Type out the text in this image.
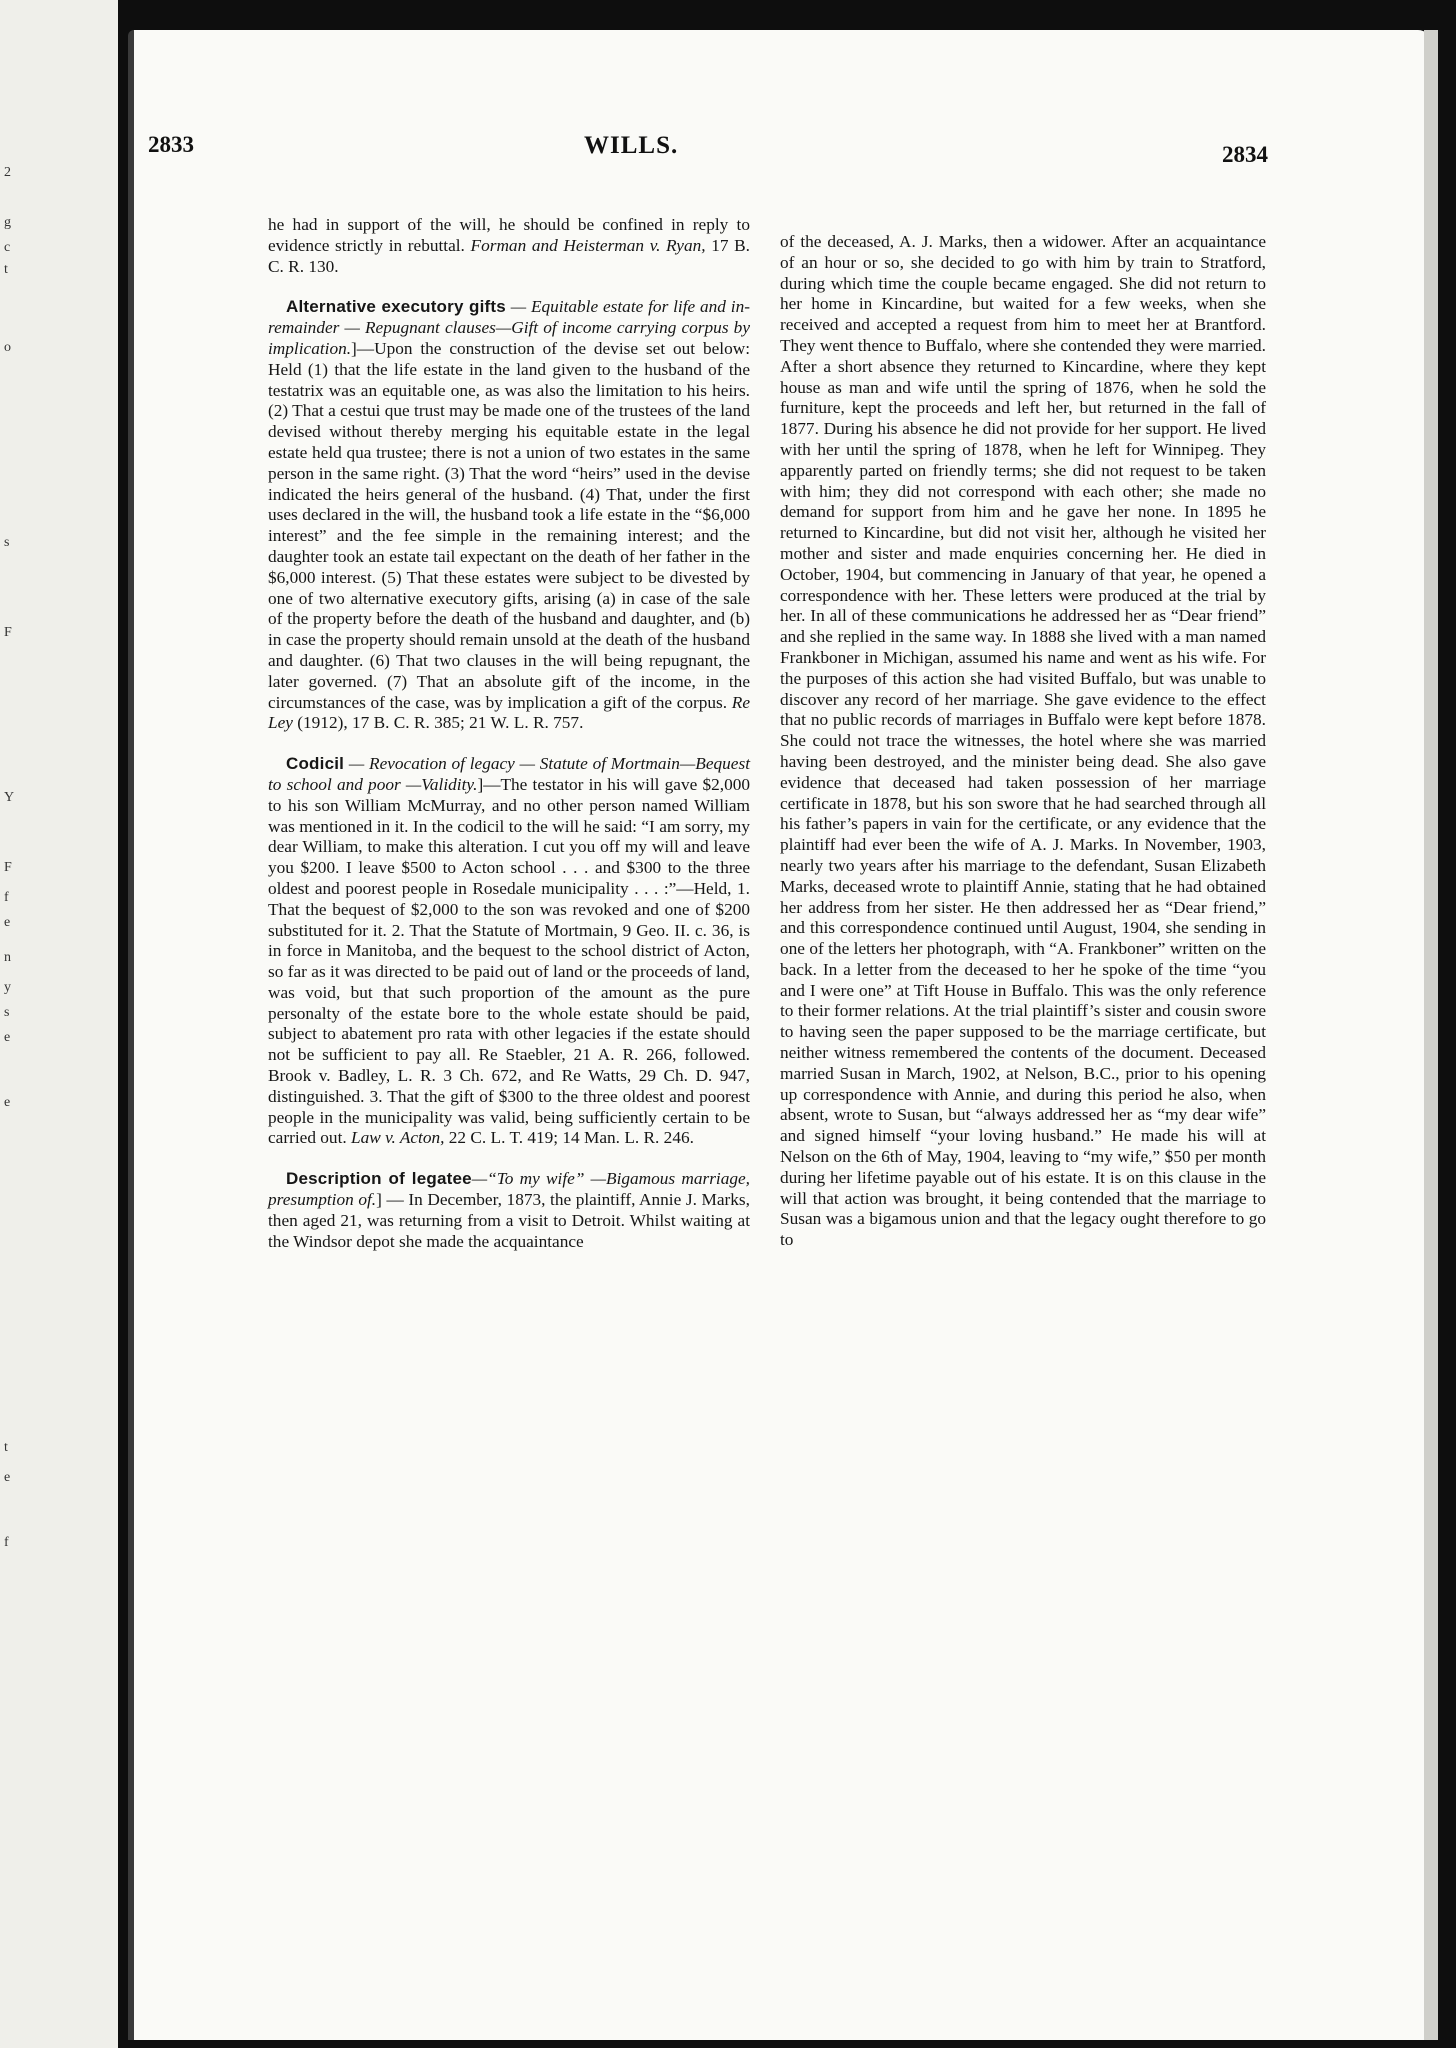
2
g
c
t
o
s
F
Y
F
f
e
n
y
s
e
e
t
e
f
2833	WILLS.	2834

he had in support of the will, he should be confined in reply to evidence strictly in rebuttal. Forman and Heisterman v. Ryan, 17 B. C. R. 130.

Alternative executory gifts — Equitable estate for life and in-remainder — Repugnant clauses—Gift of income carrying corpus by implication.]—Upon the construction of the devise set out below: Held (1) that the life estate in the land given to the husband of the testatrix was an equitable one, as was also the limitation to his heirs. (2) That a cestui que trust may be made one of the trustees of the land devised without thereby merging his equitable estate in the legal estate held qua trustee; there is not a union of two estates in the same person in the same right. (3) That the word “heirs” used in the devise indicated the heirs general of the husband. (4) That, under the first uses declared in the will, the husband took a life estate in the “$6,000 interest” and the fee simple in the remaining interest; and the daughter took an estate tail expectant on the death of her father in the $6,000 interest. (5) That these estates were subject to be divested by one of two alternative executory gifts, arising (a) in case of the sale of the property before the death of the husband and daughter, and (b) in case the property should remain unsold at the death of the husband and daughter. (6) That two clauses in the will being repugnant, the later governed. (7) That an absolute gift of the income, in the circumstances of the case, was by implication a gift of the corpus. Re Ley (1912), 17 B. C. R. 385; 21 W. L. R. 757.

Codicil — Revocation of legacy — Statute of Mortmain—Bequest to school and poor —Validity.]—The testator in his will gave $2,000 to his son William McMurray, and no other person named William was mentioned in it. In the codicil to the will he said: “I am sorry, my dear William, to make this alteration. I cut you off my will and leave you $200. I leave $500 to Acton school . . . and $300 to the three oldest and poorest people in Rosedale municipality . . . :”—Held, 1. That the bequest of $2,000 to the son was revoked and one of $200 substituted for it. 2. That the Statute of Mortmain, 9 Geo. II. c. 36, is in force in Manitoba, and the bequest to the school district of Acton, so far as it was directed to be paid out of land or the proceeds of land, was void, but that such proportion of the amount as the pure personalty of the estate bore to the whole estate should be paid, subject to abatement pro rata with other legacies if the estate should not be sufficient to pay all. Re Staebler, 21 A. R. 266, followed. Brook v. Badley, L. R. 3 Ch. 672, and Re Watts, 29 Ch. D. 947, distinguished. 3. That the gift of $300 to the three oldest and poorest people in the municipality was valid, being sufficiently certain to be carried out. Law v. Acton, 22 C. L. T. 419; 14 Man. L. R. 246.

Description of legatee—“To my wife” —Bigamous marriage, presumption of.] — In December, 1873, the plaintiff, Annie J. Marks, then aged 21, was returning from a visit to Detroit. Whilst waiting at the Windsor depot she made the acquaintance

of the deceased, A. J. Marks, then a widower. After an acquaintance of an hour or so, she decided to go with him by train to Stratford, during which time the couple became engaged. She did not return to her home in Kincardine, but waited for a few weeks, when she received and accepted a request from him to meet her at Brantford. They went thence to Buffalo, where she contended they were married. After a short absence they returned to Kincardine, where they kept house as man and wife until the spring of 1876, when he sold the furniture, kept the proceeds and left her, but returned in the fall of 1877. During his absence he did not provide for her support. He lived with her until the spring of 1878, when he left for Winnipeg. They apparently parted on friendly terms; she did not request to be taken with him; they did not correspond with each other; she made no demand for support from him and he gave her none. In 1895 he returned to Kincardine, but did not visit her, although he visited her mother and sister and made enquiries concerning her. He died in October, 1904, but commencing in January of that year, he opened a correspondence with her. These letters were produced at the trial by her. In all of these communications he addressed her as “Dear friend” and she replied in the same way. In 1888 she lived with a man named Frankboner in Michigan, assumed his name and went as his wife. For the purposes of this action she had visited Buffalo, but was unable to discover any record of her marriage. She gave evidence to the effect that no public records of marriages in Buffalo were kept before 1878. She could not trace the witnesses, the hotel where she was married having been destroyed, and the minister being dead. She also gave evidence that deceased had taken possession of her marriage certificate in 1878, but his son swore that he had searched through all his father’s papers in vain for the certificate, or any evidence that the plaintiff had ever been the wife of A. J. Marks. In November, 1903, nearly two years after his marriage to the defendant, Susan Elizabeth Marks, deceased wrote to plaintiff Annie, stating that he had obtained her address from her sister. He then addressed her as “Dear friend,” and this correspondence continued until August, 1904, she sending in one of the letters her photograph, with “A. Frankboner” written on the back. In a letter from the deceased to her he spoke of the time “you and I were one” at Tift House in Buffalo. This was the only reference to their former relations. At the trial plaintiff’s sister and cousin swore to having seen the paper supposed to be the marriage certificate, but neither witness remembered the contents of the document. Deceased married Susan in March, 1902, at Nelson, B.C., prior to his opening up correspondence with Annie, and during this period he also, when absent, wrote to Susan, but “always addressed her as “my dear wife” and signed himself “your loving husband.” He made his will at Nelson on the 6th of May, 1904, leaving to “my wife,” $50 per month during her lifetime payable out of his estate. It is on this clause in the will that action was brought, it being contended that the marriage to Susan was a bigamous union and that the legacy ought therefore to go to
